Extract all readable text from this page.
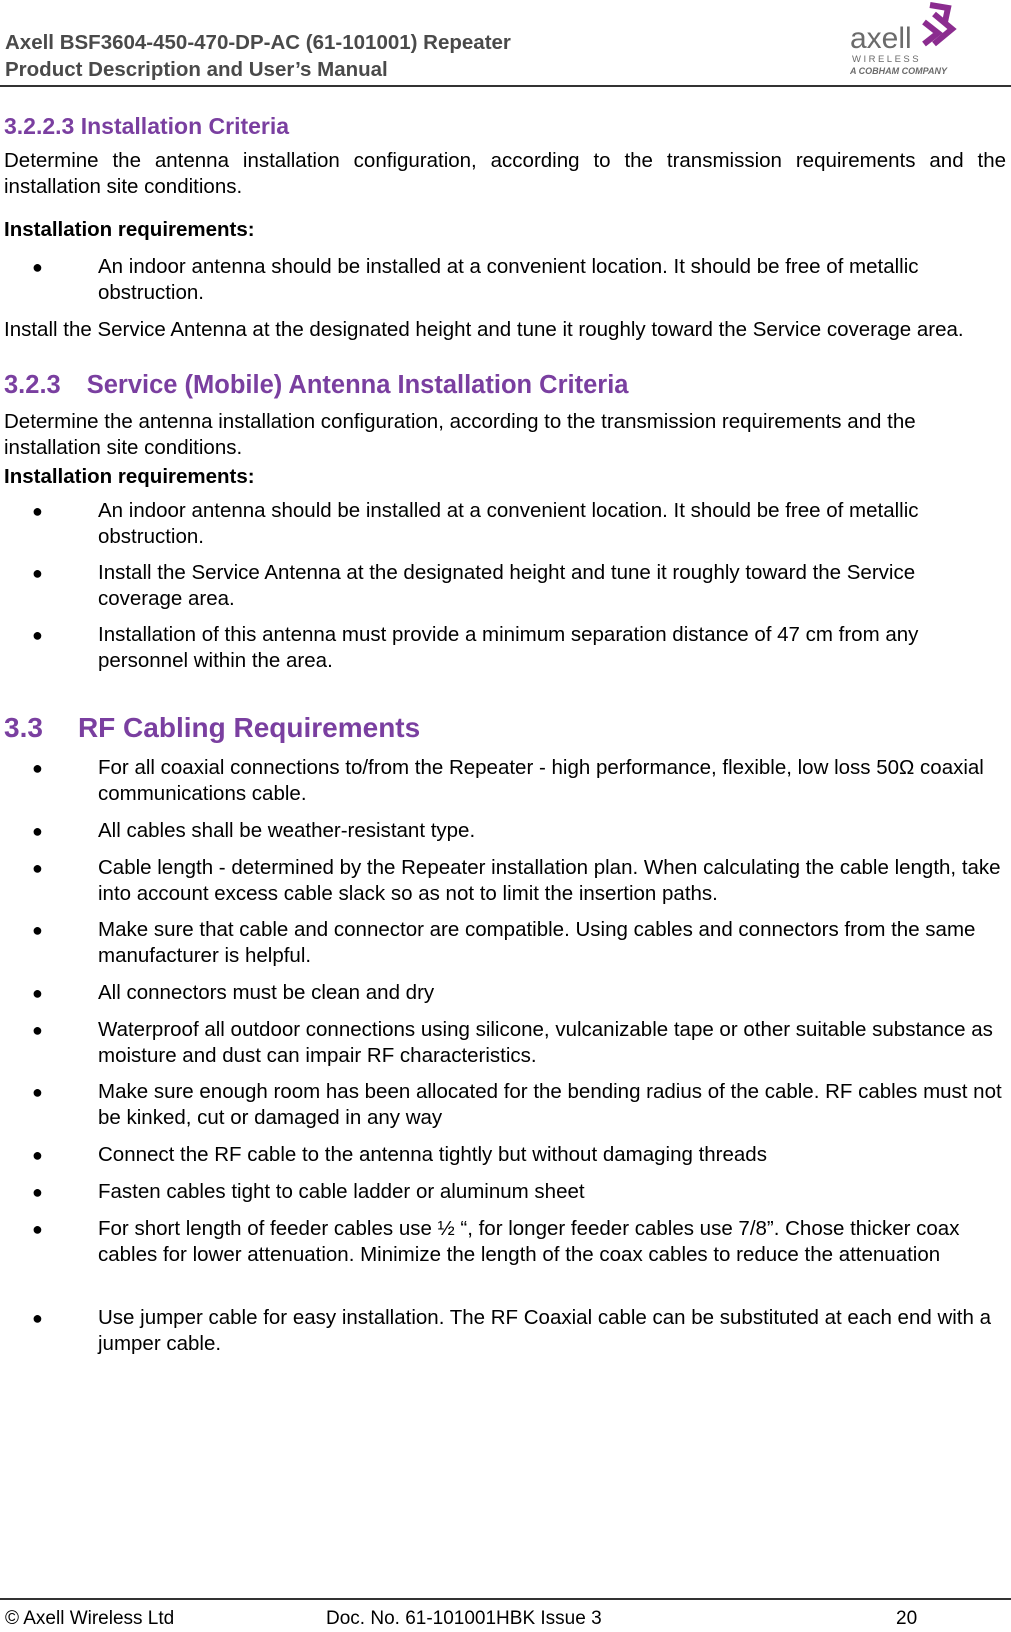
Axell BSF3604-450-470-DP-AC (61-101001) Repeater
Product Description and User’s Manual
axell
WIRELESS
A COBHAM COMPANY
3.2.2.3 Installation Criteria
Determine the antenna installation configuration, according to the transmission requirements and the installation site conditions.
Installation requirements:
●	An indoor antenna should be installed at a convenient location. It should be free of metallic obstruction.
Install the Service Antenna at the designated height and tune it roughly toward the Service coverage area.
3.2.3 Service (Mobile) Antenna Installation Criteria
Determine the antenna installation configuration, according to the transmission requirements and the installation site conditions.
Installation requirements:
●	An indoor antenna should be installed at a convenient location. It should be free of metallic obstruction.
●	Install the Service Antenna at the designated height and tune it roughly toward the Service coverage area.
●	Installation of this antenna must provide a minimum separation distance of 47 cm from any personnel within the area.
3.3 RF Cabling Requirements
●	For all coaxial connections to/from the Repeater - high performance, flexible, low loss 50Ω coaxial communications cable.
●	All cables shall be weather-resistant type.
●	Cable length - determined by the Repeater installation plan. When calculating the cable length, take into account excess cable slack so as not to limit the insertion paths.
●	Make sure that cable and connector are compatible. Using cables and connectors from the same manufacturer is helpful.
●	All connectors must be clean and dry
●	Waterproof all outdoor connections using silicone, vulcanizable tape or other suitable substance as moisture and dust can impair RF characteristics.
●	Make sure enough room has been allocated for the bending radius of the cable. RF cables must not be kinked, cut or damaged in any way
●	Connect the RF cable to the antenna tightly but without damaging threads
●	Fasten cables tight to cable ladder or aluminum sheet
●	For short length of feeder cables use ½ “, for longer feeder cables use 7/8”. Chose thicker coax cables for lower attenuation. Minimize the length of the coax cables to reduce the attenuation
●	Use jumper cable for easy installation. The RF Coaxial cable can be substituted at each end with a jumper cable.
© Axell Wireless Ltd	Doc. No. 61-101001HBK Issue 3	20
